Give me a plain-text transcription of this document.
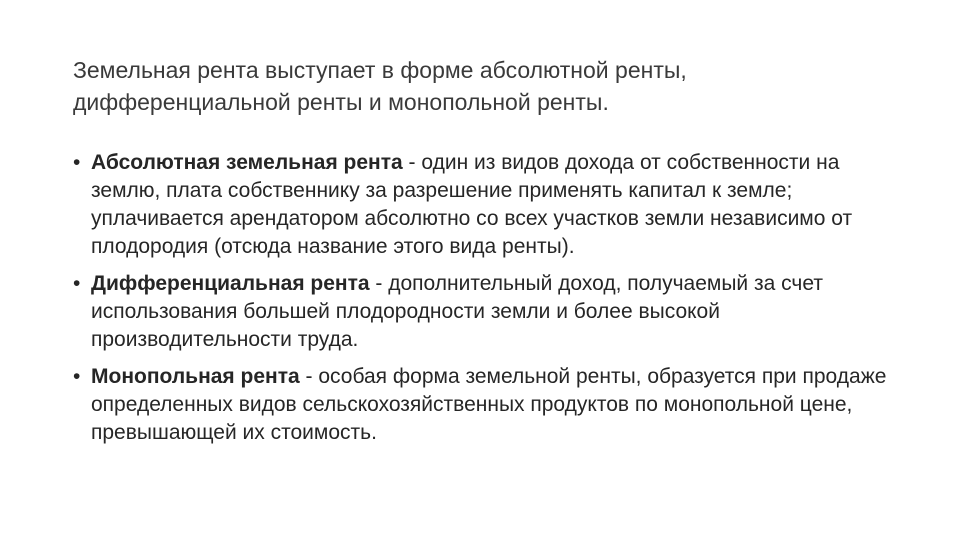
Земельная рента выступает в форме абсолютной ренты, дифференциальной ренты и монопольной ренты.

• Абсолютная земельная рента - один из видов дохода от собственности на землю, плата собственнику за разрешение применять капитал к земле; уплачивается арендатором абсолютно со всех участков земли независимо от плодородия (отсюда название этого вида ренты).
• Дифференциальная рента - дополнительный доход, получаемый за счет использования большей плодородности земли и более высокой производительности труда.
• Монопольная рента - особая форма земельной ренты, образуется при продаже определенных видов сельскохозяйственных продуктов по монопольной цене, превышающей их стоимость.
